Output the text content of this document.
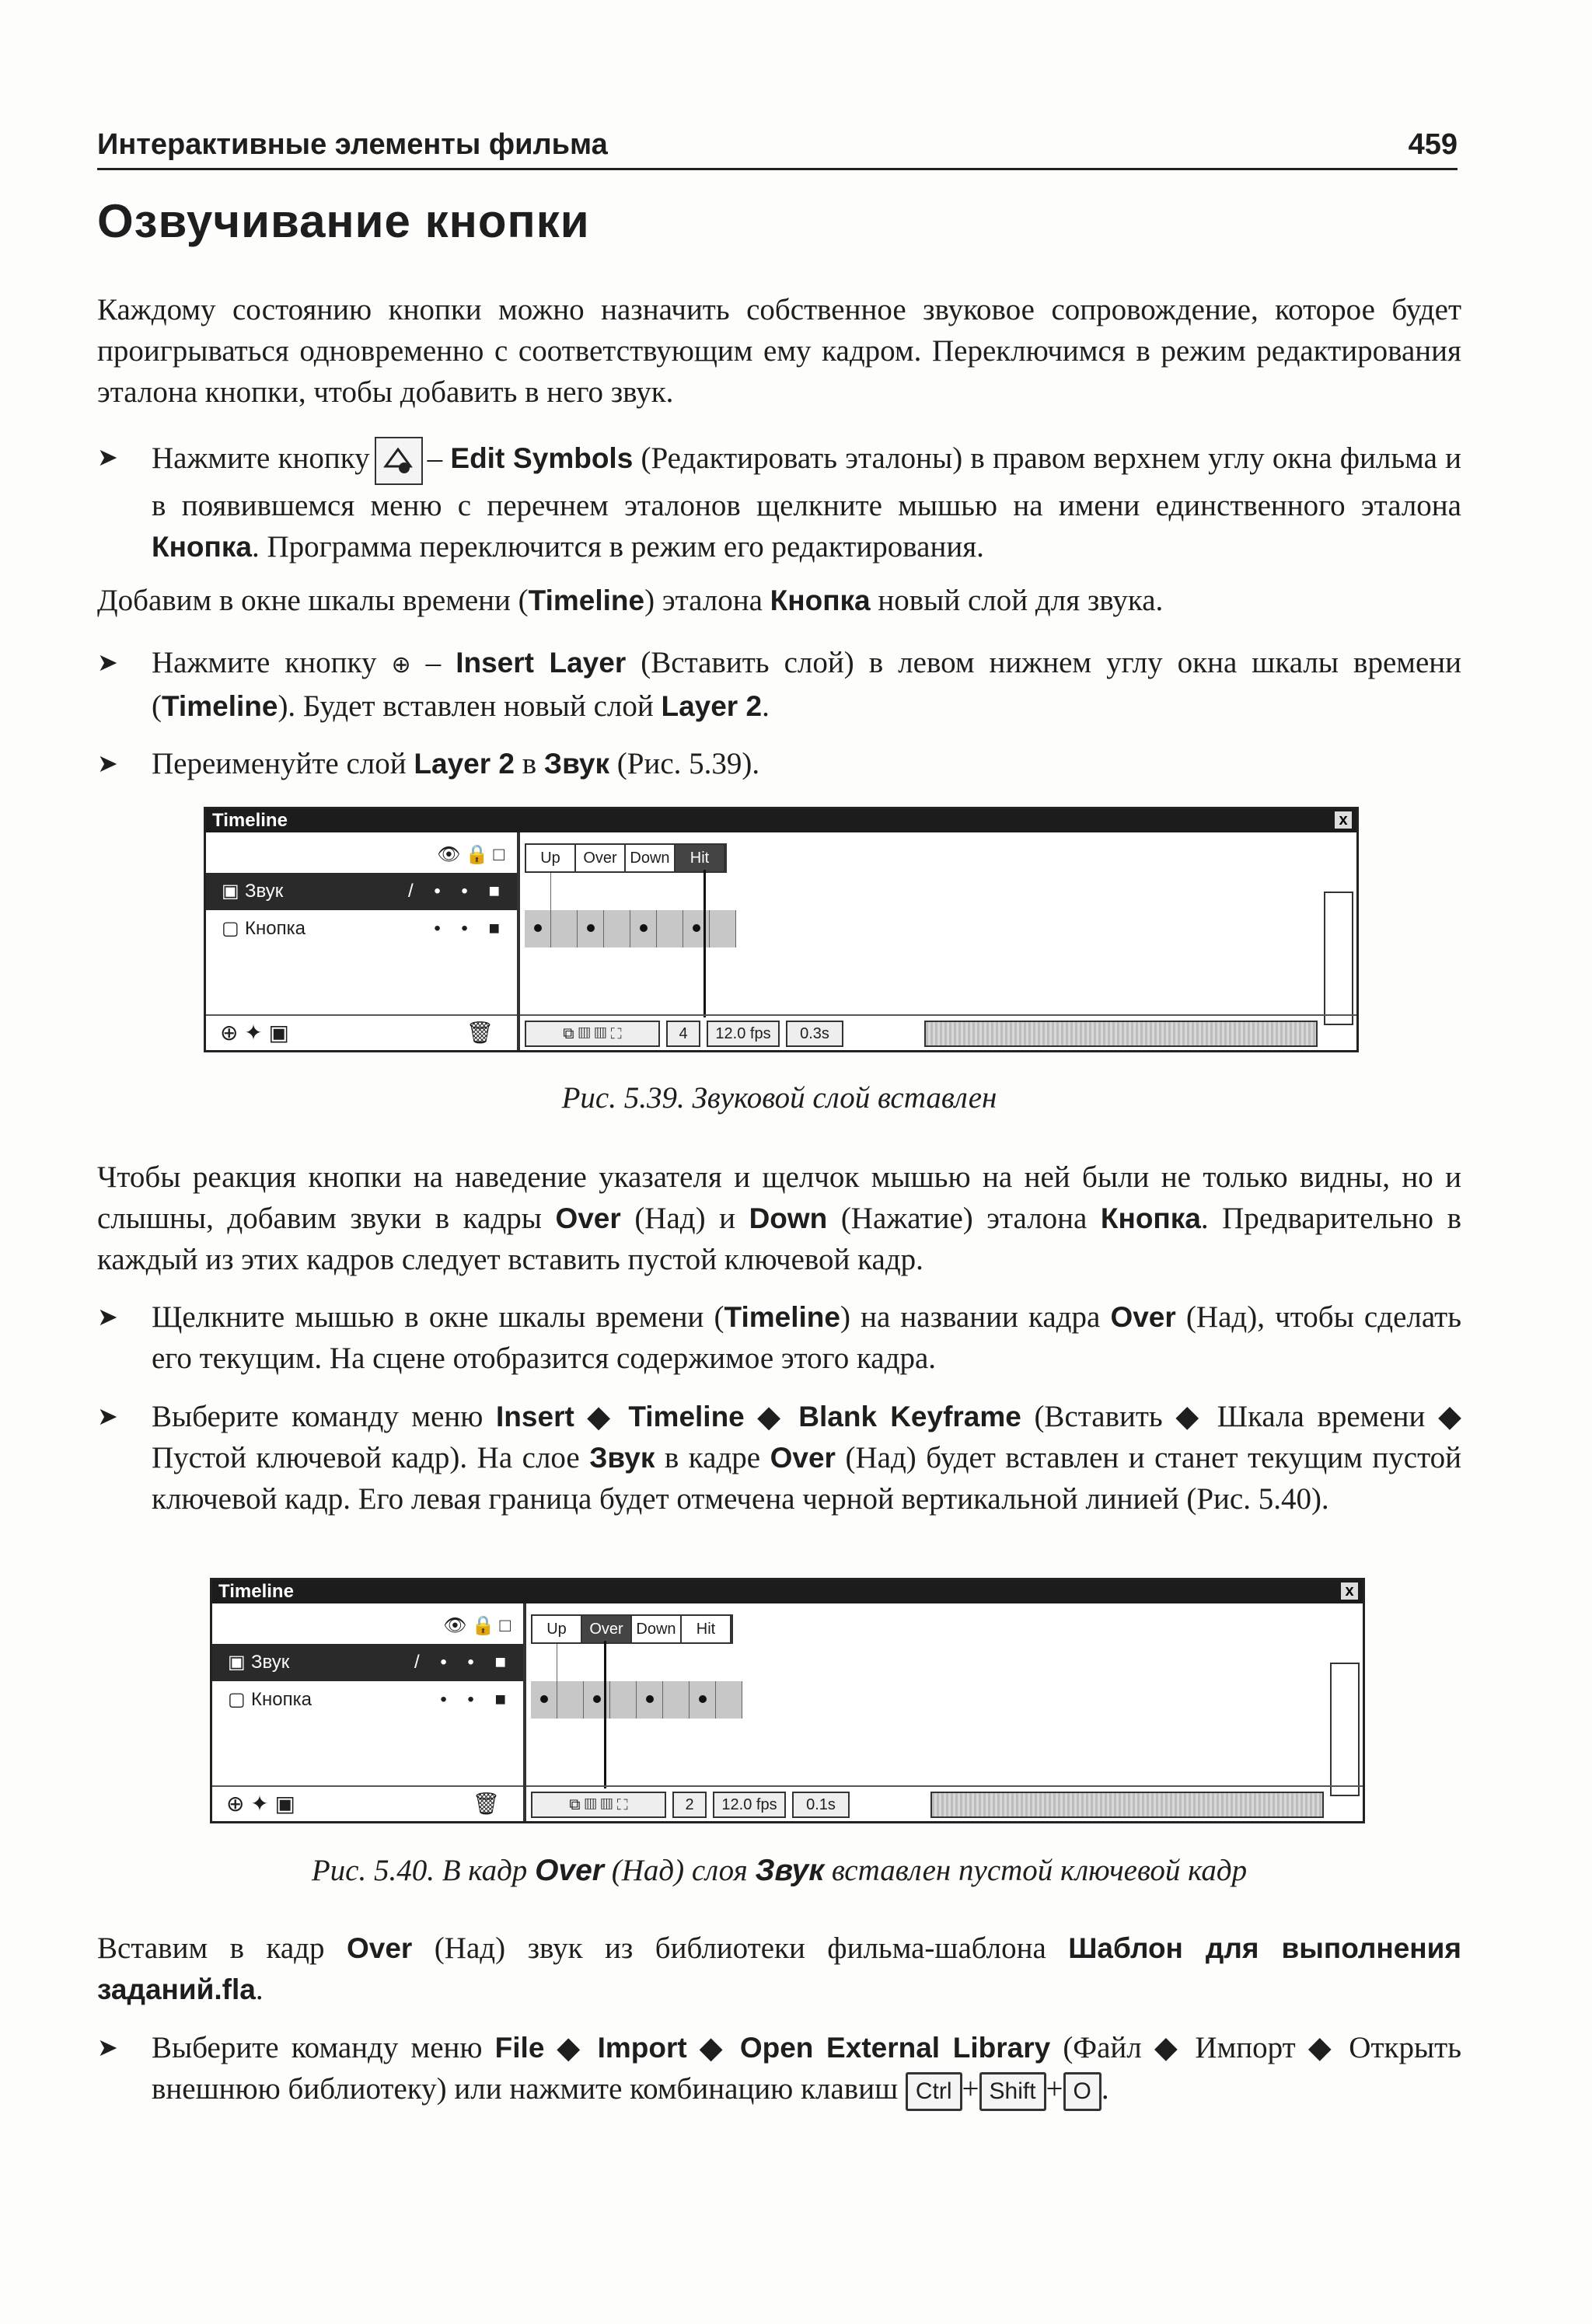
Интерактивные элементы фильма	459
Озвучивание кнопки

Каждому состоянию кнопки можно назначить собственное звуковое сопровождение, которое будет проигрываться одновременно с соответствующим ему кадром. Переключимся в режим редактирования эталона кнопки, чтобы добавить в него звук.

➤ Нажмите кнопку – Edit Symbols (Редактировать эталоны) в правом верхнем углу окна фильма и в появившемся меню с перечнем эталонов щелкните мышью на имени единственного эталона Кнопка. Программа переключится в режим его редактирования.

Добавим в окне шкалы времени (Timeline) эталона Кнопка новый слой для звука.

➤ Нажмите кнопку ⊕ – Insert Layer (Вставить слой) в левом нижнем углу окна шкалы времени (Timeline). Будет вставлен новый слой Layer 2.
➤ Переименуйте слой Layer 2 в Звук (Рис. 5.39).
Timeline	x
👁🔒□
▣ Звук	/ • • ■
▢ Кнопка	• • ■
⊕ ✦ ▣	🗑
Up	Over Down	Hit
⧉ ▥ ▥ ⛶	4	12.0 fps	0.3s
Рис. 5.39. Звуковой слой вставлен

Чтобы реакция кнопки на наведение указателя и щелчок мышью на ней были не только видны, но и слышны, добавим звуки в кадры Over (Над) и Down (Нажатие) эталона Кнопка. Предварительно в каждый из этих кадров следует вставить пустой ключевой кадр.

➤ Щелкните мышью в окне шкалы времени (Timeline) на названии кадра Over (Над), чтобы сделать его текущим. На сцене отобразится содержимое этого кадра.
➤ Выберите команду меню Insert ◆ Timeline ◆ Blank Keyframe (Вставить ◆ Шкала времени ◆ Пустой ключевой кадр). На слое Звук в кадре Over (Над) будет вставлен и станет текущим пустой ключевой кадр. Его левая граница будет отмечена черной вертикальной линией (Рис. 5.40).
Timeline	x
👁🔒□
▣ Звук	/ • • ■
▢ Кнопка	• • ■
⊕ ✦ ▣	🗑
Up	Over Down	Hit
⧉ ▥ ▥ ⛶	2	12.0 fps	0.1s
Рис. 5.40. В кадр Over (Над) слоя Звук вставлен пустой ключевой кадр

Вставим в кадр Over (Над) звук из библиотеки фильма-шаблона Шаблон для выполнения заданий.fla.

➤ Выберите команду меню File ◆ Import ◆ Open External Library (Файл ◆ Импорт ◆ Открыть внешнюю библиотеку) или нажмите комбинацию клавиш Ctrl + Shift + O .
